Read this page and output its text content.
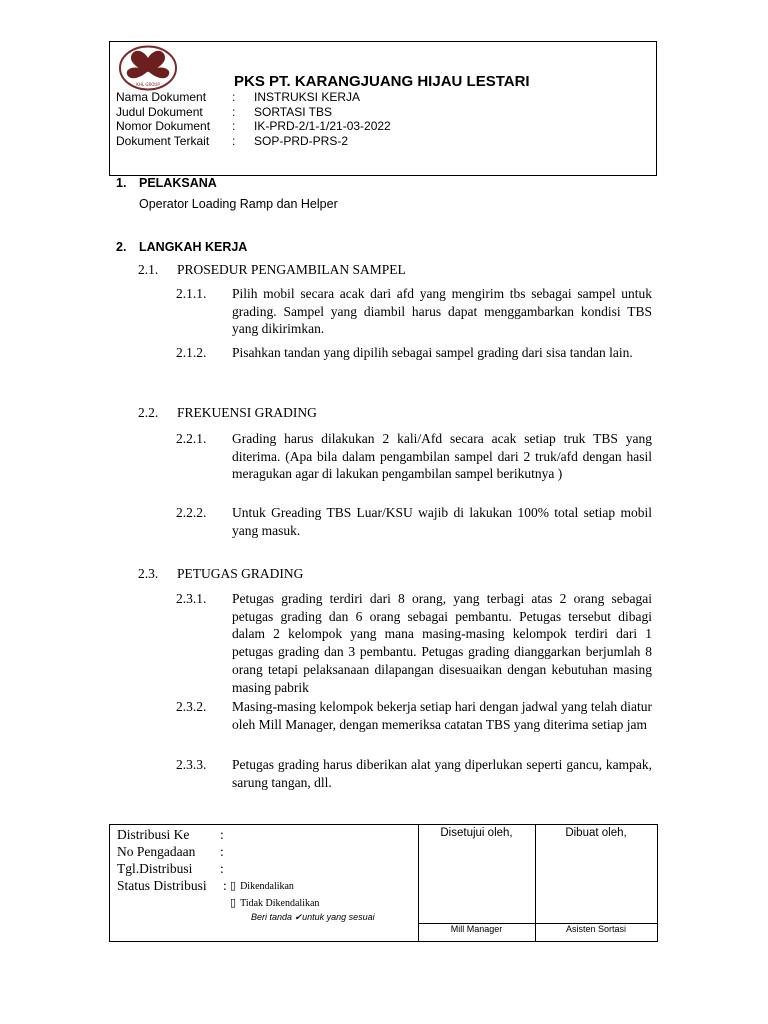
KHL GROUP	PKS PT. KARANGJUANG HIJAU LESTARI
Nama Dokument	:	INSTRUKSI KERJA
Judul Dokument	:	SORTASI TBS
Nomor Dokument	:	IK-PRD-2/1-1/21-03-2022
Dokument Terkait	:	SOP-PRD-PRS-2
1. PELAKSANA
Operator Loading Ramp dan Helper
2. LANGKAH KERJA
2.1. PROSEDUR PENGAMBILAN SAMPEL
2.1.1. Pilih mobil secara acak dari afd yang mengirim tbs sebagai sampel untuk grading. Sampel yang diambil harus dapat menggambarkan kondisi TBS yang dikirimkan.
2.1.2. Pisahkan tandan yang dipilih sebagai sampel grading dari sisa tandan lain.
2.2. FREKUENSI GRADING
2.2.1. Grading harus dilakukan 2 kali/Afd secara acak setiap truk TBS yang diterima. (Apa bila dalam pengambilan sampel dari 2 truk/afd dengan hasil meragukan agar di lakukan pengambilan sampel berikutnya )
2.2.2. Untuk Greading TBS Luar/KSU wajib di lakukan 100% total setiap mobil yang masuk.
2.3. PETUGAS GRADING
2.3.1. Petugas grading terdiri dari 8 orang, yang terbagi atas 2 orang sebagai petugas grading dan 6 orang sebagai pembantu. Petugas tersebut dibagi dalam 2 kelompok yang mana masing-masing kelompok terdiri dari 1 petugas grading dan 3 pembantu. Petugas grading dianggarkan berjumlah 8 orang tetapi pelaksanaan dilapangan disesuaikan dengan kebutuhan masing masing pabrik
2.3.2. Masing-masing kelompok bekerja setiap hari dengan jadwal yang telah diatur oleh Mill Manager, dengan memeriksa catatan TBS yang diterima setiap jam
2.3.3. Petugas grading harus diberikan alat yang diperlukan seperti gancu, kampak, sarung tangan, dll.
Distribusi Ke :
No Pengadaan :
Tgl.Distribusi :
Status Distribusi : ▯ Dikendalikan
▯ Tidak Dikendalikan
Beri tanda ✔untuk yang sesuai
Disetujui oleh,	Dibuat oleh,
Mill Manager	Asisten Sortasi
